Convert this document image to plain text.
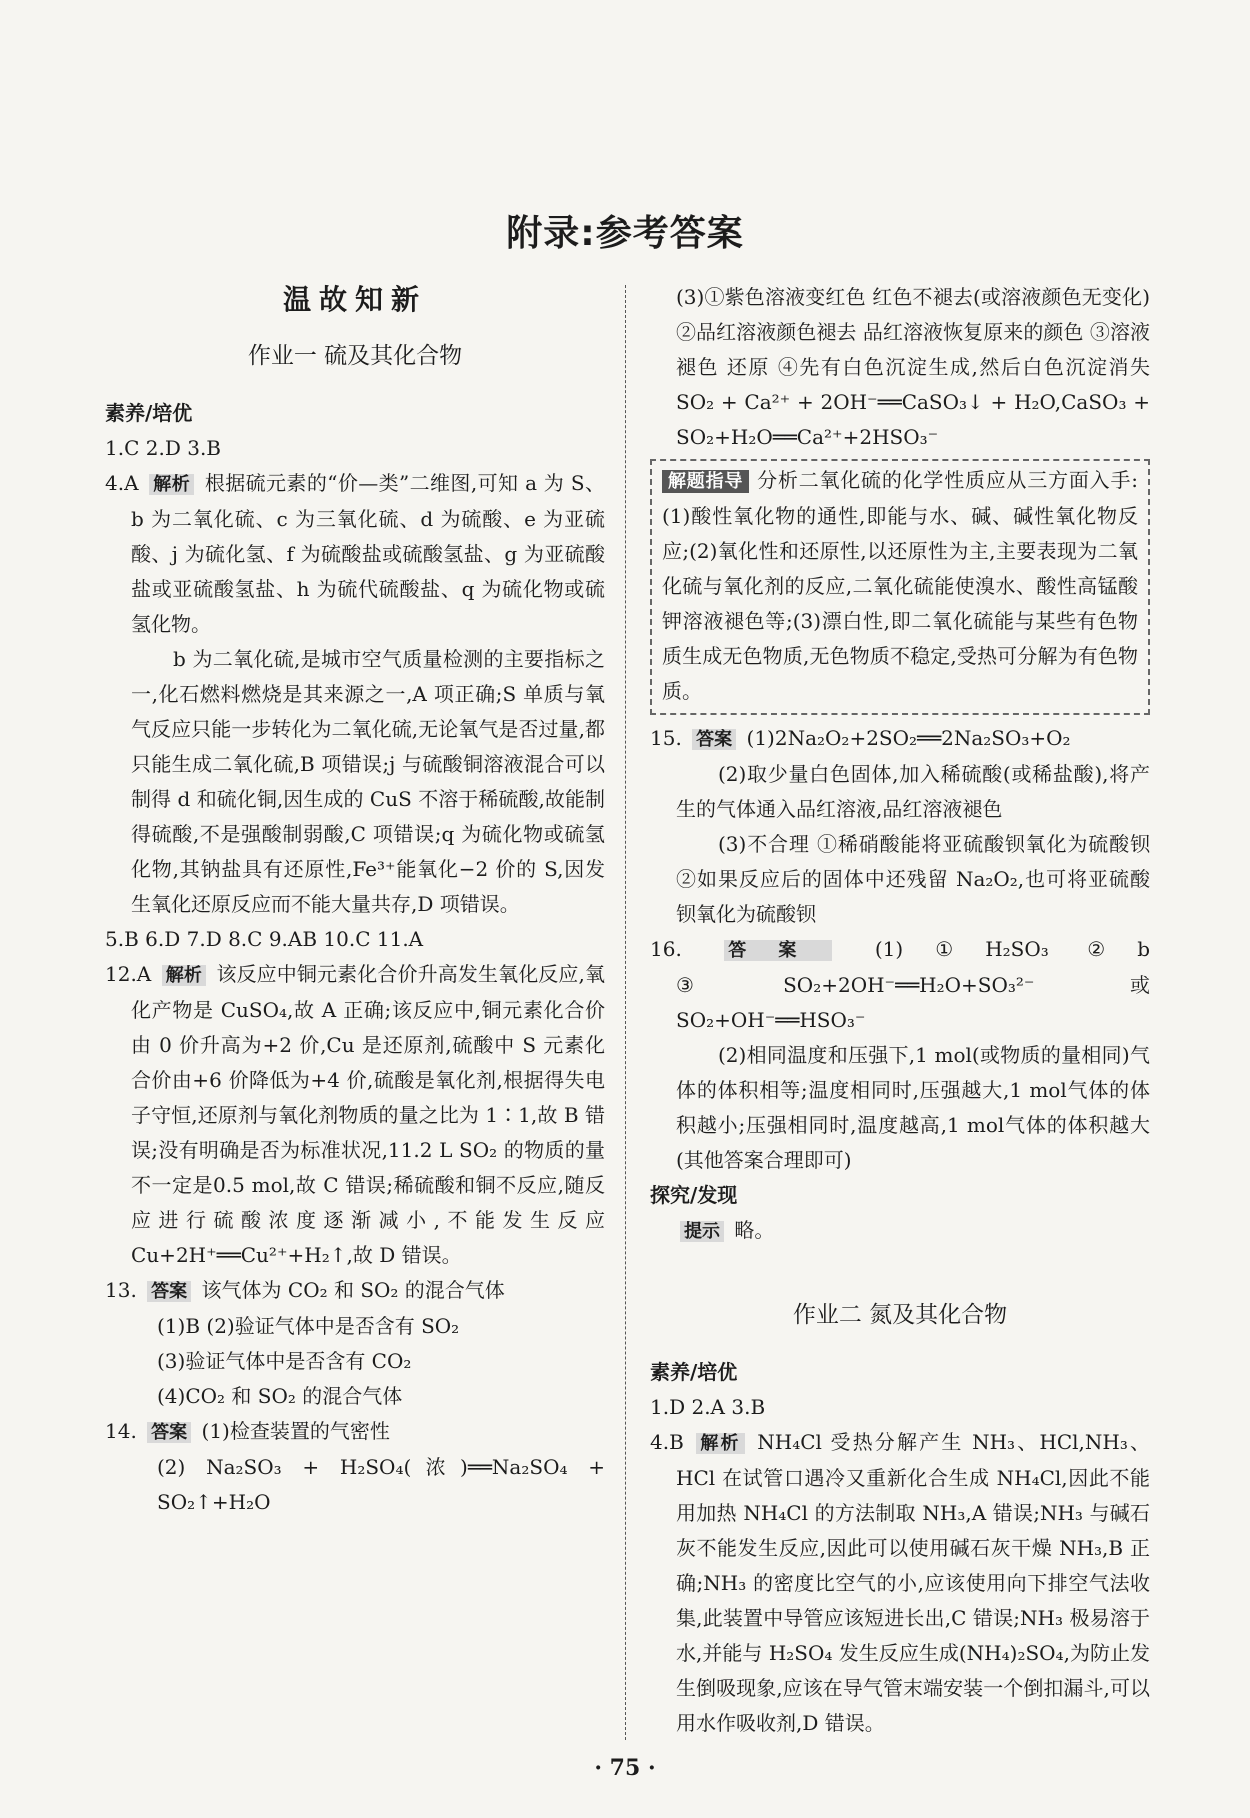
附录:参考答案
温故知新
作业一 硫及其化合物

素养/培优

1.C 2.D 3.B

4.A 解析 根据硫元素的“价—类”二维图,可知 a 为 S、b 为二氧化硫、c 为三氧化硫、d 为硫酸、e 为亚硫酸、j 为硫化氢、f 为硫酸盐或硫酸氢盐、g 为亚硫酸盐或亚硫酸氢盐、h 为硫代硫酸盐、q 为硫化物或硫氢化物。

b 为二氧化硫,是城市空气质量检测的主要指标之一,化石燃料燃烧是其来源之一,A 项正确;S 单质与氧气反应只能一步转化为二氧化硫,无论氧气是否过量,都只能生成二氧化硫,B 项错误;j 与硫酸铜溶液混合可以制得 d 和硫化铜,因生成的 CuS 不溶于稀硫酸,故能制得硫酸,不是强酸制弱酸,C 项错误;q 为硫化物或硫氢化物,其钠盐具有还原性,Fe³⁺能氧化−2 价的 S,因发生氧化还原反应而不能大量共存,D 项错误。

5.B 6.D 7.D 8.C 9.AB 10.C 11.A

12.A 解析 该反应中铜元素化合价升高发生氧化反应,氧化产物是 CuSO₄,故 A 正确;该反应中,铜元素化合价由 0 价升高为+2 价,Cu 是还原剂,硫酸中 S 元素化合价由+6 价降低为+4 价,硫酸是氧化剂,根据得失电子守恒,还原剂与氧化剂物质的量之比为 1∶1,故 B 错误;没有明确是否为标准状况,11.2 L SO₂ 的物质的量不一定是0.5 mol,故 C 错误;稀硫酸和铜不反应,随反应进行硫酸浓度逐渐减小,不能发生反应 Cu+2H⁺══Cu²⁺+H₂↑,故 D 错误。

13. 答案 该气体为 CO₂ 和 SO₂ 的混合气体

(1)B (2)验证气体中是否含有 SO₂

(3)验证气体中是否含有 CO₂

(4)CO₂ 和 SO₂ 的混合气体

14. 答案 (1)检查装置的气密性

(2) Na₂SO₃ + H₂SO₄(浓)══Na₂SO₄ + SO₂↑+H₂O

(3)①紫色溶液变红色 红色不褪去(或溶液颜色无变化) ②品红溶液颜色褪去 品红溶液恢复原来的颜色 ③溶液褪色 还原 ④先有白色沉淀生成,然后白色沉淀消失 SO₂ + Ca²⁺ + 2OH⁻══CaSO₃↓ + H₂O,CaSO₃ + SO₂+H₂O══Ca²⁺+2HSO₃⁻

解题指导 分析二氧化硫的化学性质应从三方面入手:(1)酸性氧化物的通性,即能与水、碱、碱性氧化物反应;(2)氧化性和还原性,以还原性为主,主要表现为二氧化硫与氧化剂的反应,二氧化硫能使溴水、酸性高锰酸钾溶液褪色等;(3)漂白性,即二氧化硫能与某些有色物质生成无色物质,无色物质不稳定,受热可分解为有色物质。

15. 答案 (1)2Na₂O₂+2SO₂══2Na₂SO₃+O₂

(2)取少量白色固体,加入稀硫酸(或稀盐酸),将产生的气体通入品红溶液,品红溶液褪色

(3)不合理 ①稀硝酸能将亚硫酸钡氧化为硫酸钡 ②如果反应后的固体中还残留 Na₂O₂,也可将亚硫酸钡氧化为硫酸钡

16.	答案 (1)①H₂SO₃ ②b ③SO₂+2OH⁻══H₂O+SO₃²⁻ 或 SO₂+OH⁻══HSO₃⁻

(2)相同温度和压强下,1 mol(或物质的量相同)气体的体积相等;温度相同时,压强越大,1 mol气体的体积越小;压强相同时,温度越高,1 mol气体的体积越大(其他答案合理即可)

探究/发现

提示 略。

作业二 氮及其化合物

素养/培优

1.D 2.A 3.B

4.B 解析 NH₄Cl 受热分解产生 NH₃、HCl,NH₃、HCl 在试管口遇冷又重新化合生成 NH₄Cl,因此不能用加热 NH₄Cl 的方法制取 NH₃,A 错误;NH₃ 与碱石灰不能发生反应,因此可以使用碱石灰干燥 NH₃,B 正确;NH₃ 的密度比空气的小,应该使用向下排空气法收集,此装置中导管应该短进长出,C 错误;NH₃ 极易溶于水,并能与 H₂SO₄ 发生反应生成(NH₄)₂SO₄,为防止发生倒吸现象,应该在导气管末端安装一个倒扣漏斗,可以用水作吸收剂,D 错误。

· 75 ·
